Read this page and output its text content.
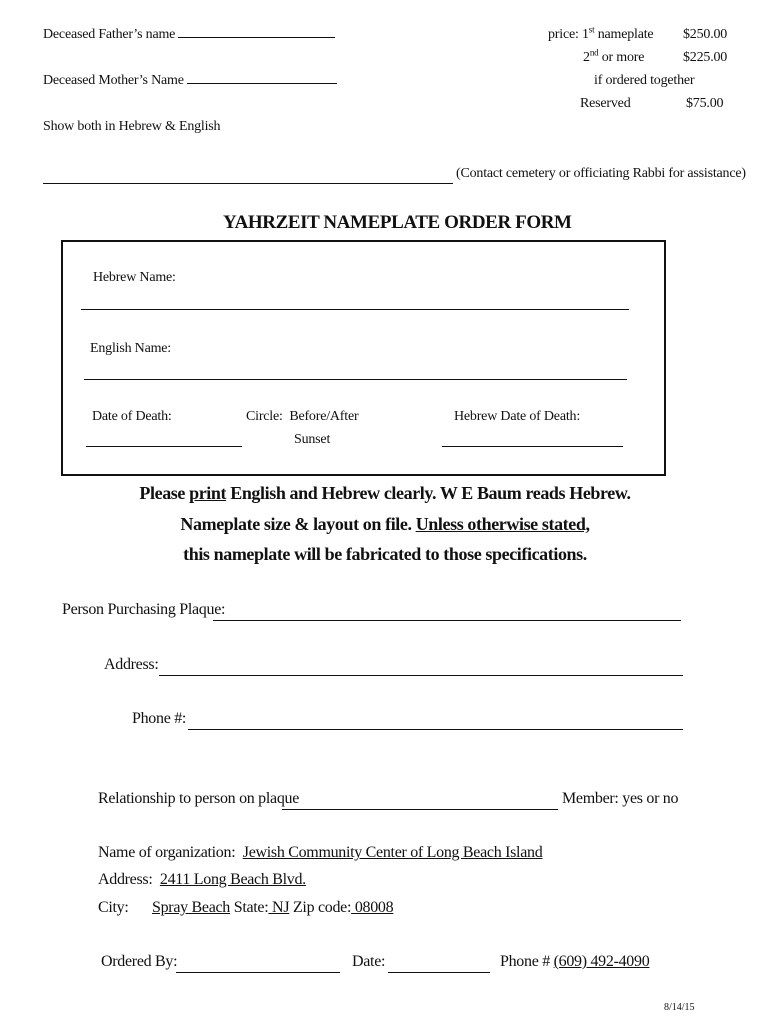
Deceased Father’s name
Deceased Mother’s Name
Show both in Hebrew & English
price: 1st nameplate $250.00
2nd or more	$225.00
if ordered together
Reserved	$75.00
(Contact cemetery or officiating Rabbi for assistance)
YAHRZEIT NAMEPLATE ORDER FORM
Hebrew Name:
English Name:
Date of Death:	Circle: Before/After
Sunset
Hebrew Date of Death:
Please print English and Hebrew clearly. W E Baum reads Hebrew.
Nameplate size & layout on file. Unless otherwise stated,
this nameplate will be fabricated to those specifications.
Person Purchasing Plaque:
Address:
Phone #:
Relationship to person on plaque	Member: yes or no
Name of organization: Jewish Community Center of Long Beach Island
Address: 2411 Long Beach Blvd.
City: Spray Beach State: NJ Zip code: 08008
Ordered By:	Date:	Phone # (609) 492-4090
8/14/15
